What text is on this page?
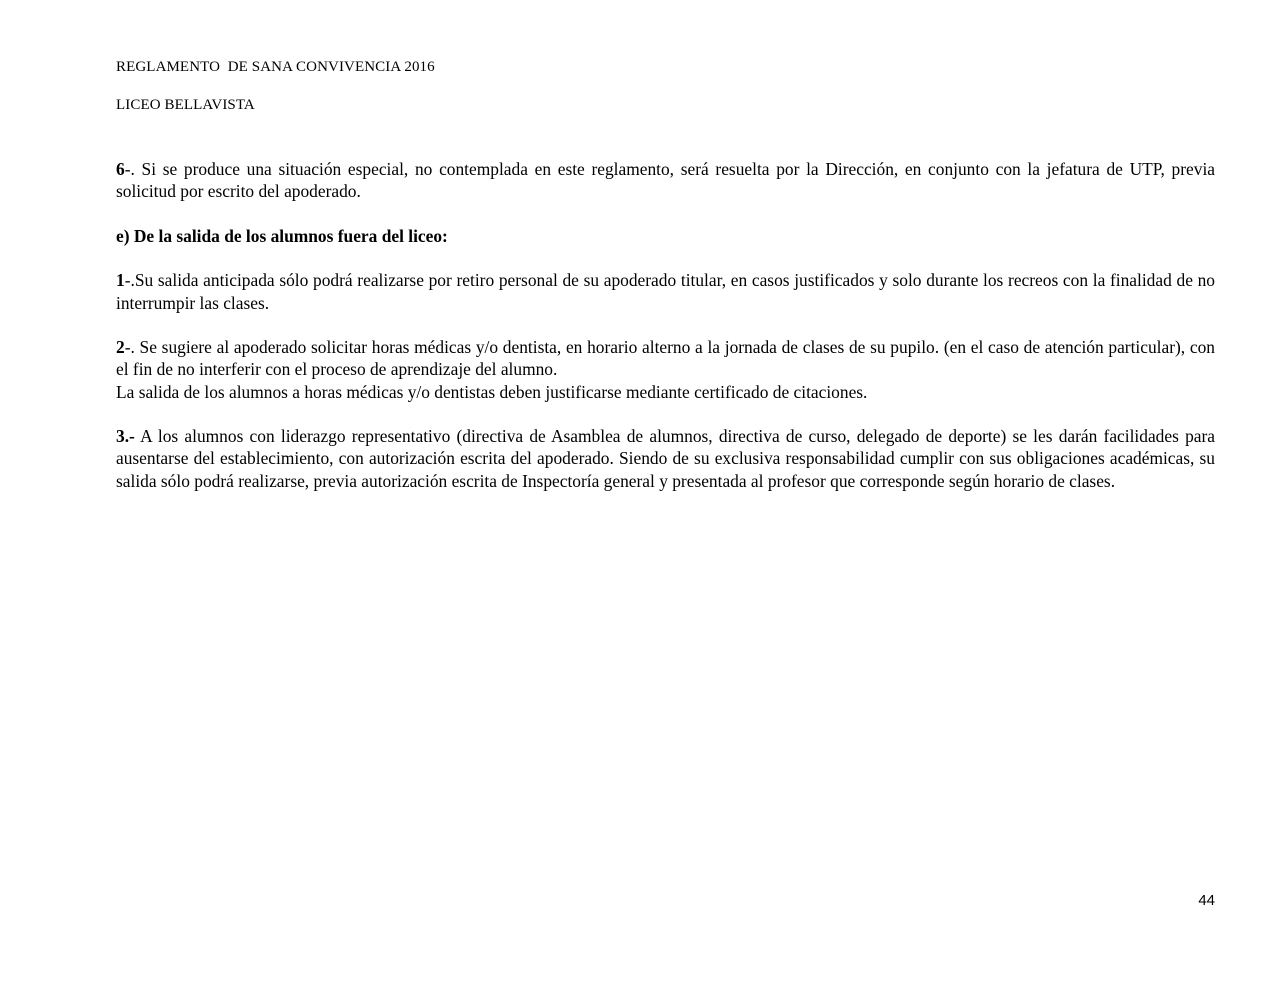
REGLAMENTO  DE SANA CONVIVENCIA 2016
LICEO BELLAVISTA

6-. Si se produce una situación especial, no contemplada en este reglamento, será resuelta por la Dirección, en conjunto con la jefatura de UTP, previa solicitud por escrito del apoderado.

e) De la salida de los alumnos fuera del liceo:

1-.Su salida anticipada sólo podrá realizarse por retiro personal de su apoderado titular, en casos justificados y solo durante los recreos con la finalidad de no interrumpir las clases.

2-. Se sugiere al apoderado solicitar horas médicas y/o dentista, en horario alterno a la jornada de clases de su pupilo. (en el caso de atención particular), con el fin de no interferir con el proceso de aprendizaje del alumno.
La salida de los alumnos a horas médicas y/o dentistas deben justificarse mediante certificado de citaciones.

3.- A los alumnos con liderazgo representativo (directiva de Asamblea de alumnos, directiva de curso, delegado de deporte) se les darán facilidades para ausentarse del establecimiento, con autorización escrita del apoderado. Siendo de su exclusiva responsabilidad cumplir con sus obligaciones académicas, su salida sólo podrá realizarse, previa autorización escrita de Inspectoría general y presentada al profesor que corresponde según horario de clases.

44
